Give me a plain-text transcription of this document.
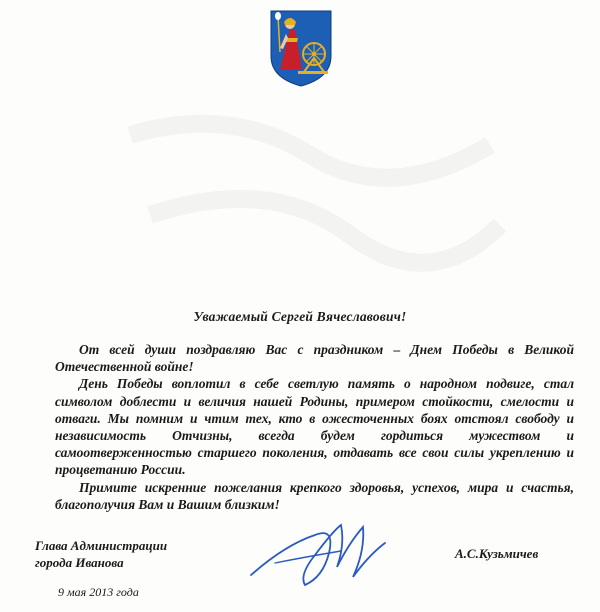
Уважаемый Сергей Вячеславович!

От всей души поздравляю Вас с праздником – Днем Победы в Великой Отечественной войне!

День Победы воплотил в себе светлую память о народном подвиге, стал символом доблести и величия нашей Родины, примером стойкости, смелости и отваги. Мы помним и чтим тех, кто в ожесточенных боях отстоял свободу и независимость Отчизны, всегда будем гордиться мужеством и самоотверженностью старшего поколения, отдавать все свои силы укреплению и процветанию России.

Примите искренние пожелания крепкого здоровья, успехов, мира и счастья, благополучия Вам и Вашим близким!

Глава Администрации
города Иванова
А.С.Кузьмичев
9 мая 2013 года
